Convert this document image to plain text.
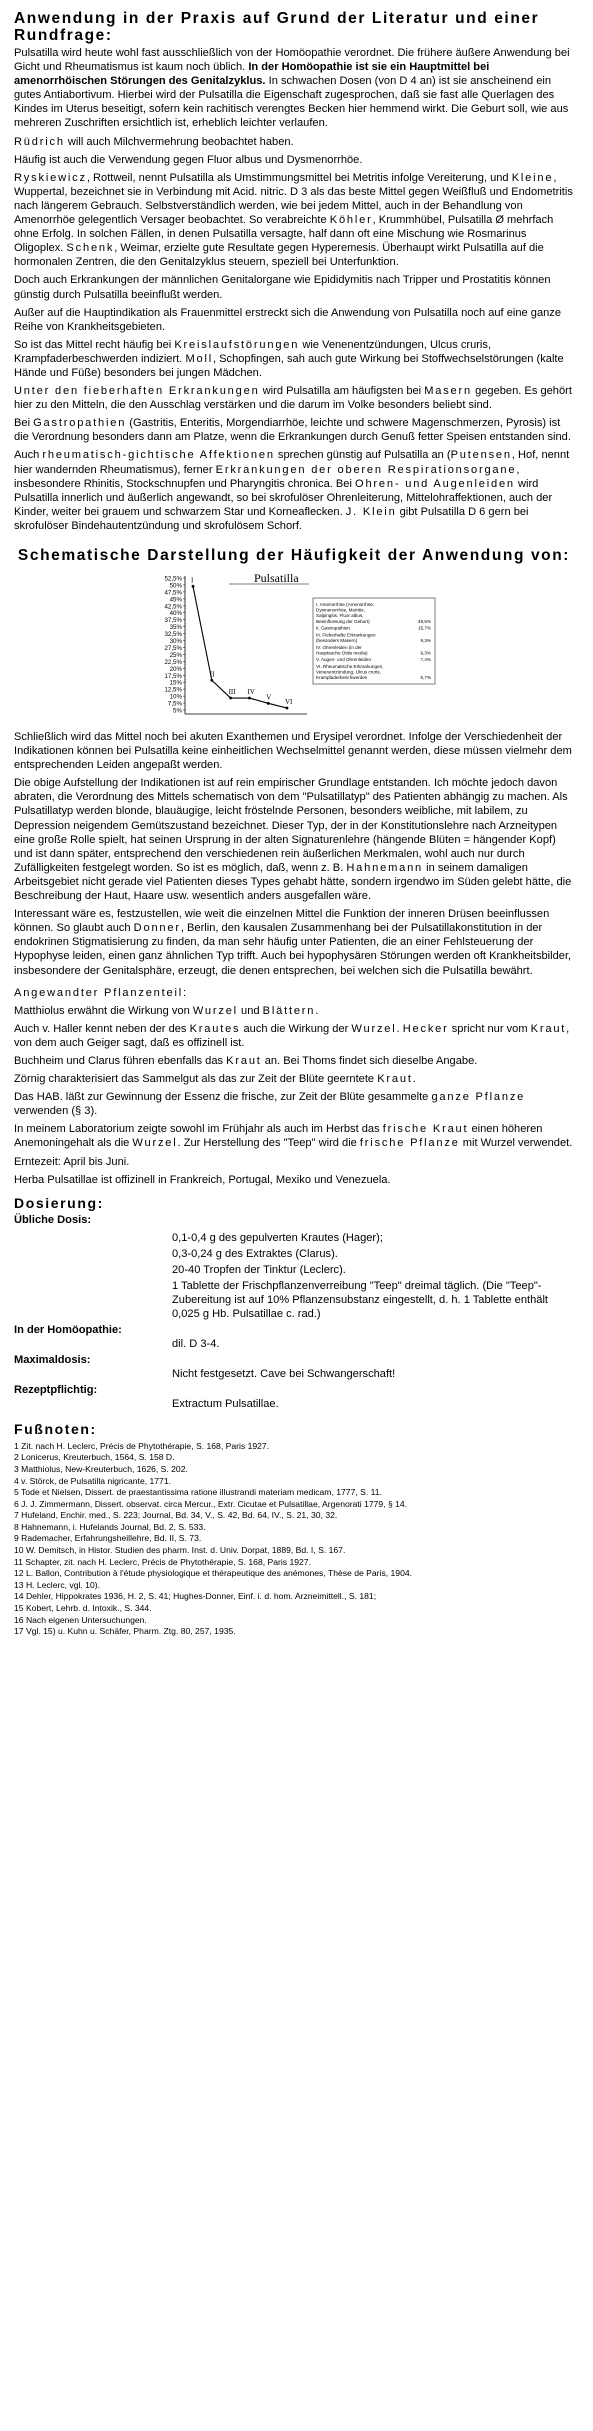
Anwendung in der Praxis auf Grund der Literatur und einer Rundfrage:

Pulsatilla wird heute wohl fast ausschließlich von der Homöopathie verordnet. Die frühere äußere Anwendung bei Gicht und Rheumatismus ist kaum noch üblich. In der Homöopathie ist sie ein Hauptmittel bei amenorrhöischen Störungen des Genitalzyklus. In schwachen Dosen (von D 4 an) ist sie anscheinend ein gutes Antiabortivum. Hierbei wird der Pulsatilla die Eigenschaft zugesprochen, daß sie fast alle Querlagen des Kindes im Uterus beseitigt, sofern kein rachitisch verengtes Becken hier hemmend wirkt. Die Geburt soll, wie aus mehreren Zuschriften ersichtlich ist, erheblich leichter verlaufen.

Rüdrich will auch Milchvermehrung beobachtet haben.

Häufig ist auch die Verwendung gegen Fluor albus und Dysmenorrhöe.

Ryskiewicz, Rottweil, nennt Pulsatilla als Umstimmungsmittel bei Metritis infolge Vereiterung, und Kleine, Wuppertal, bezeichnet sie in Verbindung mit Acid. nitric. D 3 als das beste Mittel gegen Weißfluß und Endometritis nach längerem Gebrauch. Selbstverständlich werden, wie bei jedem Mittel, auch in der Behandlung von Amenorrhöe gelegentlich Versager beobachtet. So verabreichte Köhler, Krummhübel, Pulsatilla Ø mehrfach ohne Erfolg. In solchen Fällen, in denen Pulsatilla versagte, half dann oft eine Mischung wie Rosmarinus Oligoplex. Schenk, Weimar, erzielte gute Resultate gegen Hyperemesis. Überhaupt wirkt Pulsatilla auf die hormonalen Zentren, die den Genitalzyklus steuern, speziell bei Unterfunktion.

Doch auch Erkrankungen der männlichen Genitalorgane wie Epididymitis nach Tripper und Prostatitis können günstig durch Pulsatilla beeinflußt werden.

Außer auf die Hauptindikation als Frauenmittel erstreckt sich die Anwendung von Pulsatilla noch auf eine ganze Reihe von Krankheitsgebieten.

So ist das Mittel recht häufig bei Kreislaufstörungen wie Venenentzündungen, Ulcus cruris, Krampfaderbeschwerden indiziert. Moll, Schopfingen, sah auch gute Wirkung bei Stoffwechselstörungen (kalte Hände und Füße) besonders bei jungen Mädchen.

Unter den fieberhaften Erkrankungen wird Pulsatilla am häufigsten bei Masern gegeben. Es gehört hier zu den Mitteln, die den Ausschlag verstärken und die darum im Volke besonders beliebt sind.

Bei Gastropathien (Gastritis, Enteritis, Morgendiarrhöe, leichte und schwere Magenschmerzen, Pyrosis) ist die Verordnung besonders dann am Platze, wenn die Erkrankungen durch Genuß fetter Speisen entstanden sind.

Auch rheumatisch-gichtische Affektionen sprechen günstig auf Pulsatilla an (Putensen, Hof, nennt hier wandernden Rheumatismus), ferner Erkrankungen der oberen Respirationsorgane, insbesondere Rhinitis, Stockschnupfen und Pharyngitis chronica. Bei Ohren- und Augenleiden wird Pulsatilla innerlich und äußerlich angewandt, so bei skrofulöser Ohrenleiterung, Mittelohraffektionen, auch der Kinder, weiter bei grauem und schwarzem Star und Korneaflecken. J. Klein gibt Pulsatilla D 6 gern bei skrofulöser Bindehautentzündung und skrofulösem Schorf.

Schematische Darstellung der Häufigkeit der Anwendung von:
52,5%
50%
47,5%
45%
42,5%
40%
37,5%
35%
32,5%
30%
27,5%
25%
22,5%
20%
17,5%
15%
12,5%
10%
7,5%
5%
I
II
III IV
V
VI
Pulsatilla
I. Amenorrhöe (Amenorrhöe,
Dysmenorrhöe, Metritis,
Salpingitis, Fluor albus,
Beeinflussung der Geburt)	49,5%
II. Gastropathien	15,7%
III. Fieberhafte Erkrankungen
(besonders Masern)	9,3%
IV. Ohrenleiden (in der
Hauptsache Otitis media)	9,3%
V. Augen- und Ohrenleiden	7,4%
VI. Rheumatische Erkrankungen,
Venenentzündung, Ulcus cruris,
Krampfaderbeschwerden	5,7%

Schließlich wird das Mittel noch bei akuten Exanthemen und Erysipel verordnet. Infolge der Verschiedenheit der Indikationen können bei Pulsatilla keine einheitlichen Wechselmittel genannt werden, diese müssen vielmehr dem entsprechenden Leiden angepaßt werden.

Die obige Aufstellung der Indikationen ist auf rein empirischer Grundlage entstanden. Ich möchte jedoch davon abraten, die Verordnung des Mittels schematisch von dem "Pulsatillatyp" des Patienten abhängig zu machen. Als Pulsatillatyp werden blonde, blauäugige, leicht fröstelnde Personen, besonders weibliche, mit labilem, zu Depression neigendem Gemütszustand bezeichnet. Dieser Typ, der in der Konstitutionslehre nach Arzneitypen eine große Rolle spielt, hat seinen Ursprung in der alten Signaturenlehre (hängende Blüten = hängender Kopf) und ist dann später, entsprechend den verschiedenen rein äußerlichen Merkmalen, wohl auch nur durch Zufälligkeiten festgelegt worden. So ist es möglich, daß, wenn z. B. Hahnemann in seinem damaligen Arbeitsgebiet nicht gerade viel Patienten dieses Types gehabt hätte, sondern irgendwo im Süden gelebt hätte, die Beschreibung der Haut, Haare usw. wesentlich anders ausgefallen wäre.

Interessant wäre es, festzustellen, wie weit die einzelnen Mittel die Funktion der inneren Drüsen beeinflussen können. So glaubt auch Donner, Berlin, den kausalen Zusammenhang bei der Pulsatillakonstitution in der endokrinen Stigmatisierung zu finden, da man sehr häufig unter Patienten, die an einer Fehlsteuerung der Hypophyse leiden, einen ganz ähnlichen Typ trifft. Auch bei hypophysären Störungen werden oft Krankheitsbilder, insbesondere der Genitalsphäre, erzeugt, die denen entsprechen, bei welchen sich die Pulsatilla bewährt.

Angewandter Pflanzenteil:

Matthiolus erwähnt die Wirkung von Wurzel und Blättern.

Auch v. Haller kennt neben der des Krautes auch die Wirkung der Wurzel. Hecker spricht nur vom Kraut, von dem auch Geiger sagt, daß es offizinell ist.

Buchheim und Clarus führen ebenfalls das Kraut an. Bei Thoms findet sich dieselbe Angabe.

Zörnig charakterisiert das Sammelgut als das zur Zeit der Blüte geerntete Kraut.

Das HAB. läßt zur Gewinnung der Essenz die frische, zur Zeit der Blüte gesammelte ganze Pflanze verwenden (§ 3).

In meinem Laboratorium zeigte sowohl im Frühjahr als auch im Herbst das frische Kraut einen höheren Anemoningehalt als die Wurzel. Zur Herstellung des "Teep" wird die frische Pflanze mit Wurzel verwendet.

Erntezeit: April bis Juni.

Herba Pulsatillae ist offizinell in Frankreich, Portugal, Mexiko und Venezuela.

Dosierung:
Übliche Dosis:
0,1-0,4 g des gepulverten Krautes (Hager);
0,3-0,24 g des Extraktes (Clarus).
20-40 Tropfen der Tinktur (Leclerc).
1 Tablette der Frischpflanzenverreibung "Teep" dreimal täglich. (Die "Teep"-Zubereitung ist auf 10% Pflanzensubstanz eingestellt, d. h. 1 Tablette enthält 0,025 g Hb. Pulsatillae c. rad.)
In der Homöopathie:
dil. D 3-4.
Maximaldosis:
Nicht festgesetzt. Cave bei Schwangerschaft!
Rezeptpflichtig:
Extractum Pulsatillae.
Fußnoten:

1 Zit. nach H. Leclerc, Précis de Phytothérapie, S. 168, Paris 1927.

2 Lonicerus, Kreuterbuch, 1564, S. 158 D.

3 Matthiolus, New-Kreuterbuch, 1626, S. 202.

4 v. Störck, de Pulsatilla nigricante, 1771.

5 Tode et Nielsen, Dissert. de praestantissima ratione illustrandi materiam medicam, 1777, S. 11.

6 J. J. Zimmermann, Dissert. observat. circa Mercur., Extr. Cicutae et Pulsatillae, Argenorati 1779, § 14.

7 Hufeland, Enchir. med., S. 223; Journal, Bd. 34, V., S. 42, Bd. 64, IV., S. 21, 30, 32.

8 Hahnemann, i. Hufelands Journal, Bd. 2, S. 533.

9 Rademacher, Erfahrungsheillehre, Bd. II, S. 73.

10 W. Demitsch, in Histor. Studien des pharm. Inst. d. Univ. Dorpat, 1889, Bd. I, S. 167.

11 Schapter, zit. nach H. Leclerc, Précis de Phytothérapie, S. 168, Paris 1927.

12 L. Ballon, Contribution à l'étude physiologique et thérapeutique des anémones, Thèse de Paris, 1904.

13 H. Leclerc, vgl. 10).

14 Dehler, Hippokrates 1936, H. 2, S. 41; Hughes-Donner, Einf. i. d. hom. Arzneimittell., S. 181;

15 Kobert, Lehrb. d. Intoxik., S. 344.

16 Nach eigenen Untersuchungen.

17 Vgl. 15) u. Kuhn u. Schäfer, Pharm. Ztg. 80, 257, 1935.
